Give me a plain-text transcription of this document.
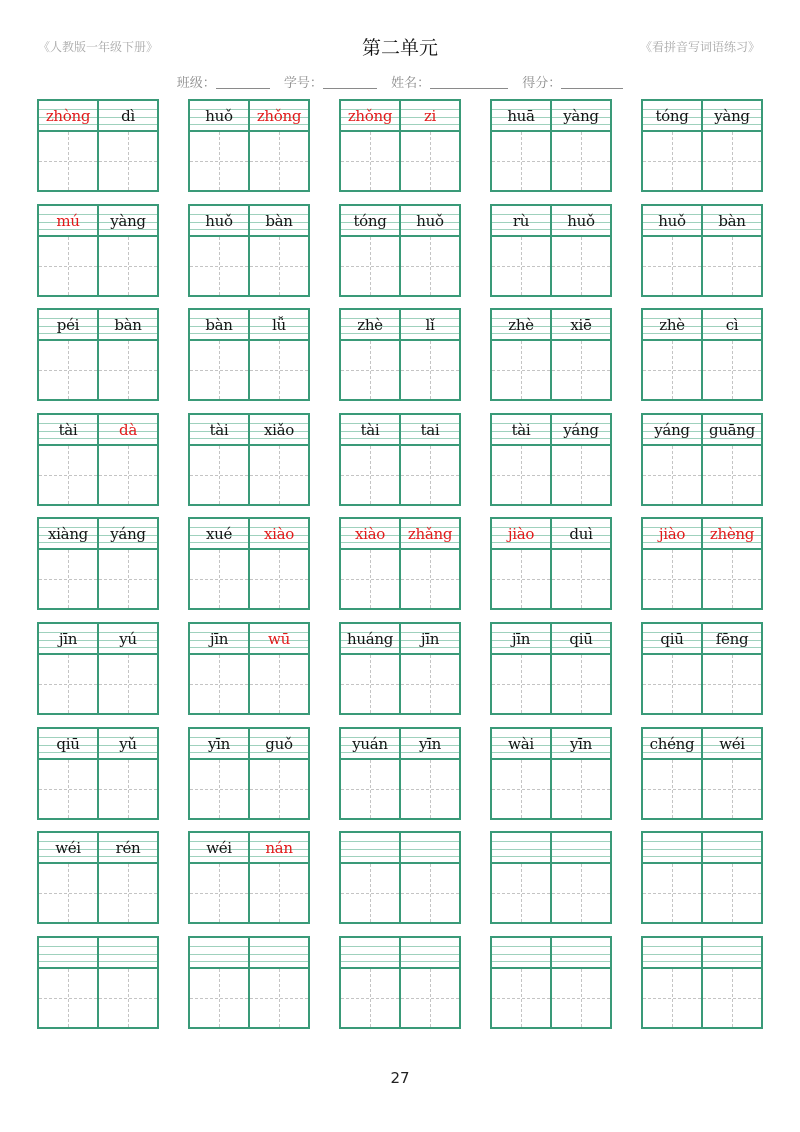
《人教版一年级下册》	第二单元	《看拼音写词语练习》
班级：	学号：	姓名：	得分：
zhòng	dì	huǒ	zhǒng	zhǒng	zi	huā	yàng	tóng	yàng
mú	yàng	huǒ	bàn	tóng	huǒ	rù	huǒ	huǒ	bàn
péi	bàn	bàn	lǚ	zhè	lǐ	zhè	xiē	zhè	cì
tài	dà	tài	xiǎo	tài	tai	tài	yáng	yáng	guāng
xiàng	yáng	xué	xiào	xiào	zhǎng	jiào	duì	jiào	zhèng
jīn	yú	jīn	wū	huáng	jīn	jīn	qiū	qiū	fēng
qiū	yǔ	yīn	guǒ	yuán	yīn	wài	yīn	chéng	wéi
wéi	rén	wéi	nán
27
